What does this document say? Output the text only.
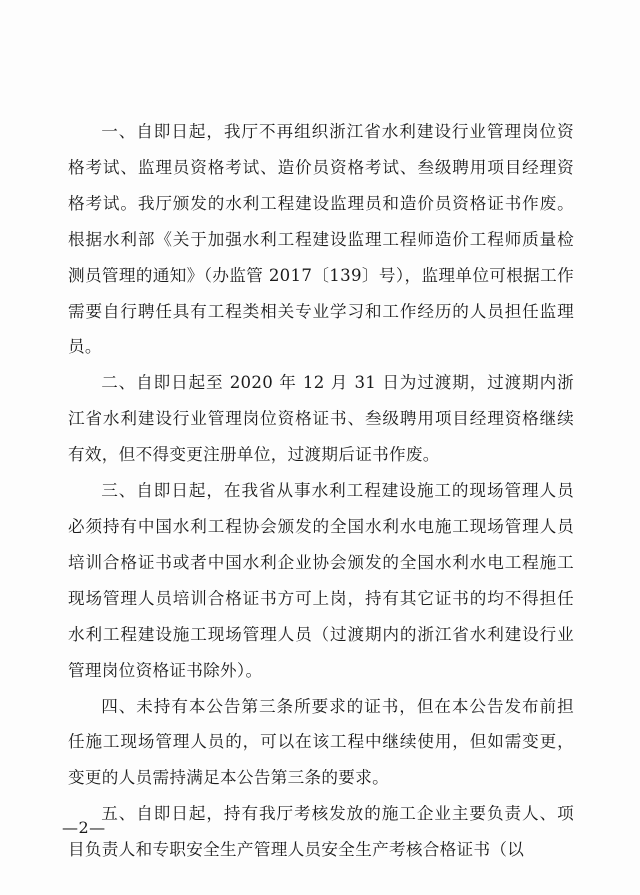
一、自即日起，我厅不再组织浙江省水利建设行业管理岗位资格考试、监理员资格考试、造价员资格考试、叁级聘用项目经理资格考试。我厅颁发的水利工程建设监理员和造价员资格证书作废。根据水利部《关于加强水利工程建设监理工程师造价工程师质量检测员管理的通知》（办监管 2017〔139〕号），监理单位可根据工作需要自行聘任具有工程类相关专业学习和工作经历的人员担任监理员。

二、自即日起至 2020 年 12 月 31 日为过渡期，过渡期内浙江省水利建设行业管理岗位资格证书、叁级聘用项目经理资格继续有效，但不得变更注册单位，过渡期后证书作废。

三、自即日起，在我省从事水利工程建设施工的现场管理人员必须持有中国水利工程协会颁发的全国水利水电施工现场管理人员培训合格证书或者中国水利企业协会颁发的全国水利水电工程施工现场管理人员培训合格证书方可上岗，持有其它证书的均不得担任水利工程建设施工现场管理人员（过渡期内的浙江省水利建设行业管理岗位资格证书除外）。

四、未持有本公告第三条所要求的证书，但在本公告发布前担任施工现场管理人员的，可以在该工程中继续使用，但如需变更，变更的人员需持满足本公告第三条的要求。

五、自即日起，持有我厅考核发放的施工企业主要负责人、项目负责人和专职安全生产管理人员安全生产考核合格证书（以

—2—
